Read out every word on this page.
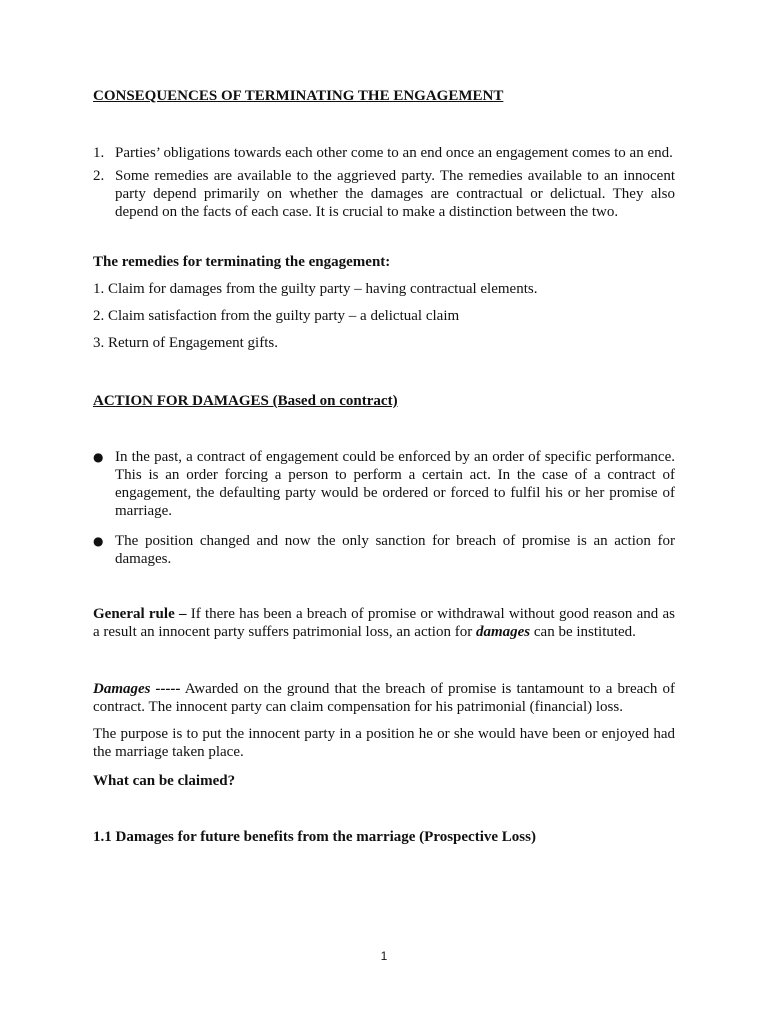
CONSEQUENCES OF TERMINATING THE ENGAGEMENT
1. Parties’ obligations towards each other come to an end once an engagement comes to an end.
2. Some remedies are available to the aggrieved party. The remedies available to an innocent party depend primarily on whether the damages are contractual or delictual. They also depend on the facts of each case. It is crucial to make a distinction between the two.
The remedies for terminating the engagement:
1. Claim for damages from the guilty party – having contractual elements.
2. Claim satisfaction from the guilty party – a delictual claim
3. Return of Engagement gifts.
ACTION FOR DAMAGES (Based on contract)
● In the past, a contract of engagement could be enforced by an order of specific performance. This is an order forcing a person to perform a certain act. In the case of a contract of engagement, the defaulting party would be ordered or forced to fulfil his or her promise of marriage.
● The position changed and now the only sanction for breach of promise is an action for damages.

General rule – If there has been a breach of promise or withdrawal without good reason and as a result an innocent party suffers patrimonial loss, an action for damages can be instituted.

Damages ----- Awarded on the ground that the breach of promise is tantamount to a breach of contract. The innocent party can claim compensation for his patrimonial (financial) loss.

The purpose is to put the innocent party in a position he or she would have been or enjoyed had the marriage taken place.

What can be claimed?
1.1 Damages for future benefits from the marriage (Prospective Loss)
1
